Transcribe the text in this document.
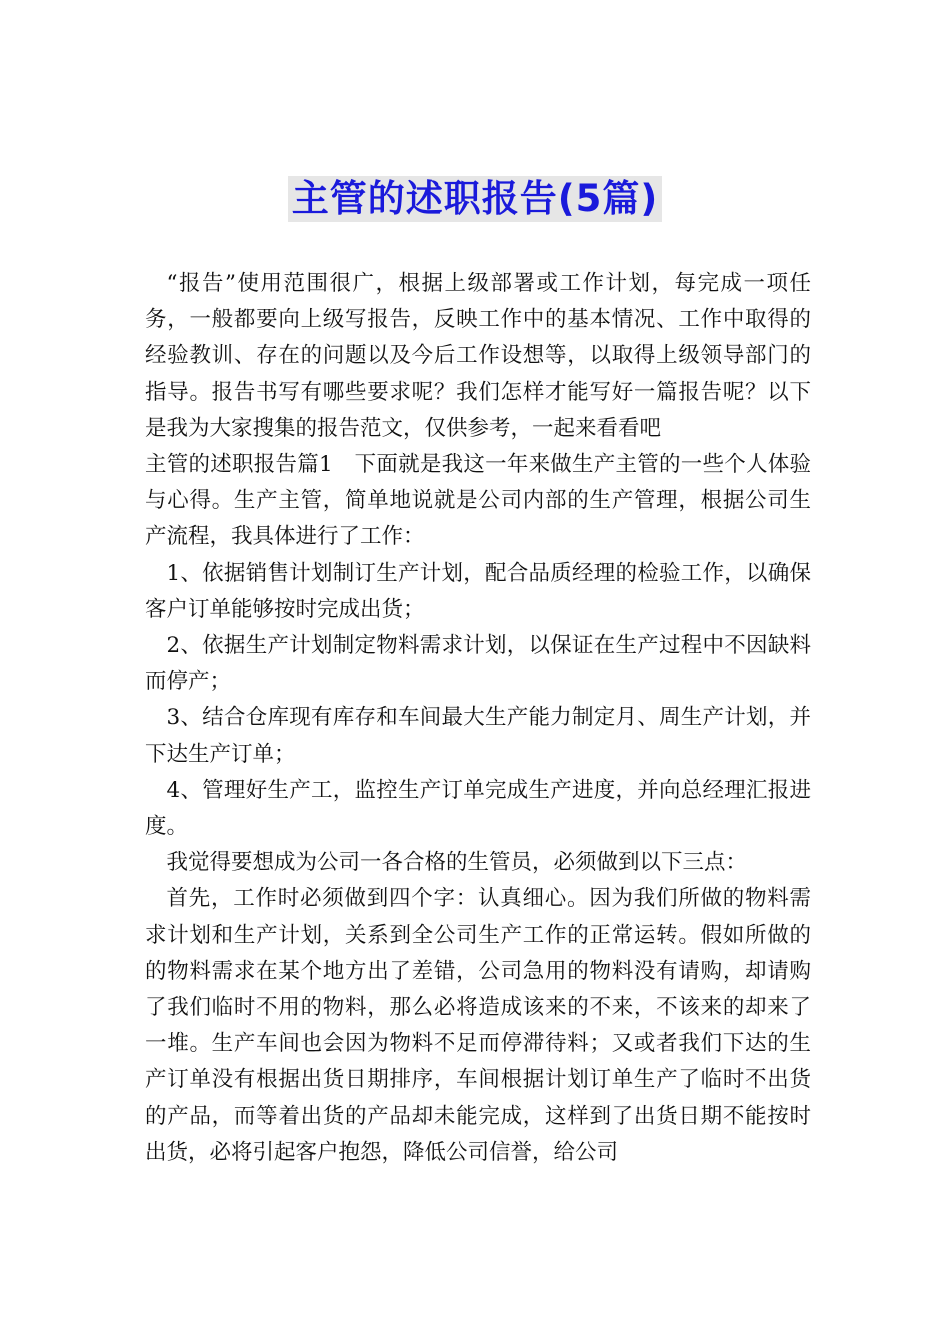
主管的述职报告(5篇)

“报告”使用范围很广，根据上级部署或工作计划，每完成一项任务，一般都要向上级写报告，反映工作中的基本情况、工作中取得的经验教训、存在的问题以及今后工作设想等，以取得上级领导部门的指导。报告书写有哪些要求呢？我们怎样才能写好一篇报告呢？以下是我为大家搜集的报告范文，仅供参考，一起来看看吧

主管的述职报告篇1　下面就是我这一年来做生产主管的一些个人体验与心得。生产主管，简单地说就是公司内部的生产管理，根据公司生产流程，我具体进行了工作：

1、依据销售计划制订生产计划，配合品质经理的检验工作，以确保客户订单能够按时完成出货；

2、依据生产计划制定物料需求计划，以保证在生产过程中不因缺料而停产；

3、结合仓库现有库存和车间最大生产能力制定月、周生产计划，并下达生产订单；

4、管理好生产工，监控生产订单完成生产进度，并向总经理汇报进度。

我觉得要想成为公司一各合格的生管员，必须做到以下三点：

首先，工作时必须做到四个字：认真细心。因为我们所做的物料需求计划和生产计划，关系到全公司生产工作的正常运转。假如所做的的物料需求在某个地方出了差错，公司急用的物料没有请购，却请购了我们临时不用的物料，那么必将造成该来的不来，不该来的却来了一堆。生产车间也会因为物料不足而停滞待料；又或者我们下达的生产订单没有根据出货日期排序，车间根据计划订单生产了临时不出货的产品，而等着出货的产品却未能完成，这样到了出货日期不能按时出货，必将引起客户抱怨，降低公司信誉，给公司
